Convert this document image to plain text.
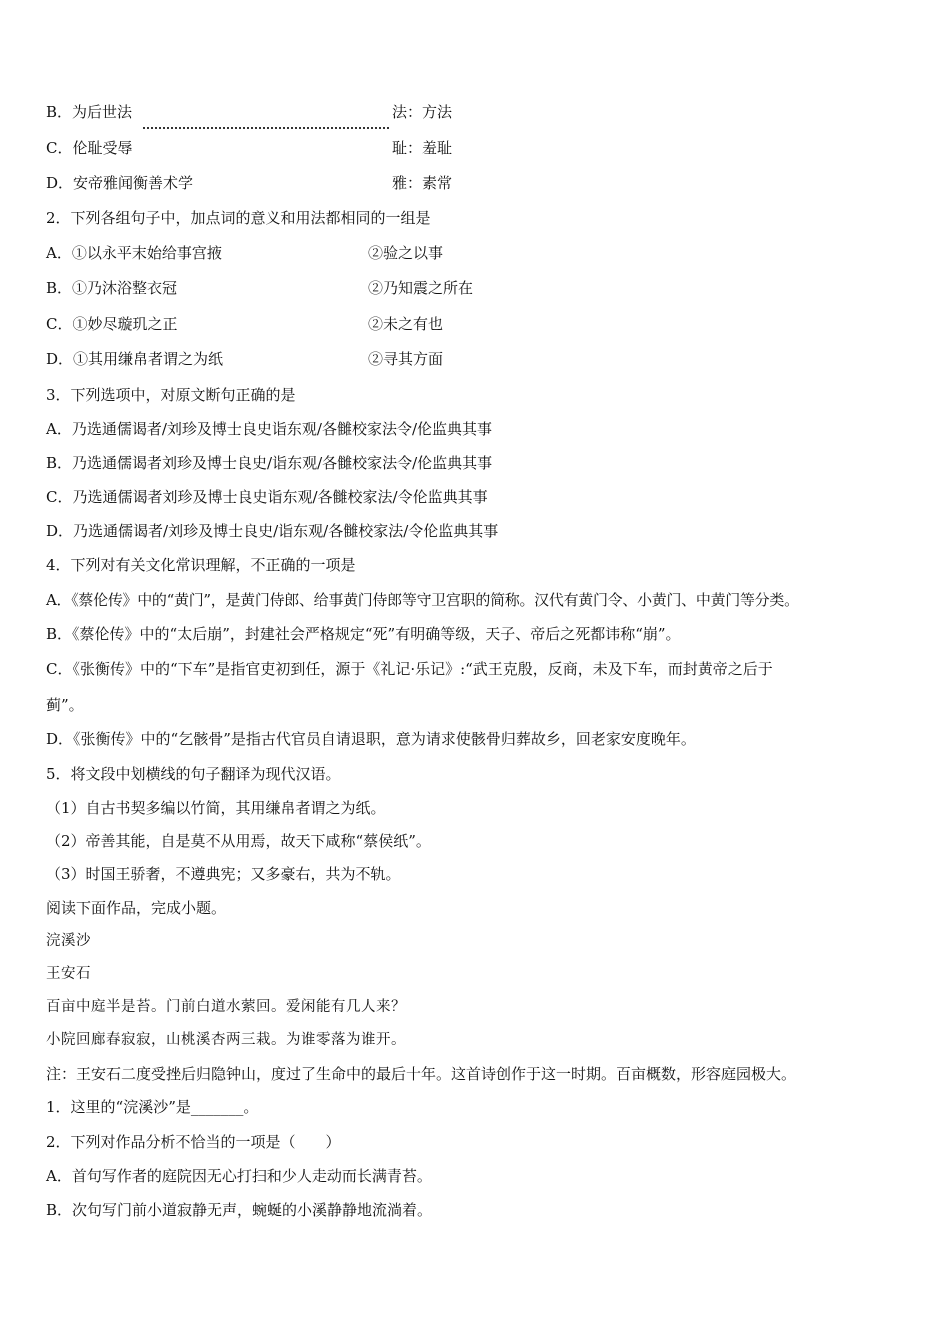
B．为后世法	法：方法
C．伦耻受辱	耻：羞耻
D．安帝雅闻衡善术学	雅：素常
2．下列各组句子中，加点词的意义和用法都相同的一组是
A．①以永平末始给事宫掖	②验之以事
B．①乃沐浴整衣冠	②乃知震之所在
C．①妙尽璇玑之正	②未之有也
D．①其用缣帛者谓之为纸	②寻其方面
3．下列选项中，对原文断句正确的是
A．乃选通儒谒者/刘珍及博士良史诣东观/各雠校家法令/伦监典其事
B．乃选通儒谒者刘珍及博士良史/诣东观/各雠校家法令/伦监典其事
C．乃选通儒谒者刘珍及博士良史诣东观/各雠校家法/令伦监典其事
D．乃选通儒谒者/刘珍及博士良史/诣东观/各雠校家法/令伦监典其事
4．下列对有关文化常识理解，不正确的一项是
A．《蔡伦传》中的“黄门”，是黄门侍郎、给事黄门侍郎等守卫宫职的简称。汉代有黄门令、小黄门、中黄门等分类。
B．《蔡伦传》中的“太后崩”，封建社会严格规定“死”有明确等级，天子、帝后之死都讳称“崩”。
C．《张衡传》中的“下车”是指官吏初到任，源于《礼记·乐记》:“武王克殷，反商，未及下车，而封黄帝之后于
蓟”。
D．《张衡传》中的“乞骸骨”是指古代官员自请退职，意为请求使骸骨归葬故乡，回老家安度晚年。
5．将文段中划横线的句子翻译为现代汉语。
（1）自古书契多编以竹简，其用缣帛者谓之为纸。
（2）帝善其能，自是莫不从用焉，故天下咸称“蔡侯纸”。
（3）时国王骄奢，不遵典宪；又多豪右，共为不轨。
阅读下面作品，完成小题。
浣溪沙
王安石
百亩中庭半是苔。门前白道水萦回。爱闲能有几人来？
小院回廊春寂寂，山桃溪杏两三栽。为谁零落为谁开。
注：王安石二度受挫后归隐钟山，度过了生命中的最后十年。这首诗创作于这一时期。百亩概数，形容庭园极大。
1．这里的“浣溪沙”是_______。
2．下列对作品分析不恰当的一项是（　　）
A．首句写作者的庭院因无心打扫和少人走动而长满青苔。
B．次句写门前小道寂静无声，蜿蜒的小溪静静地流淌着。
